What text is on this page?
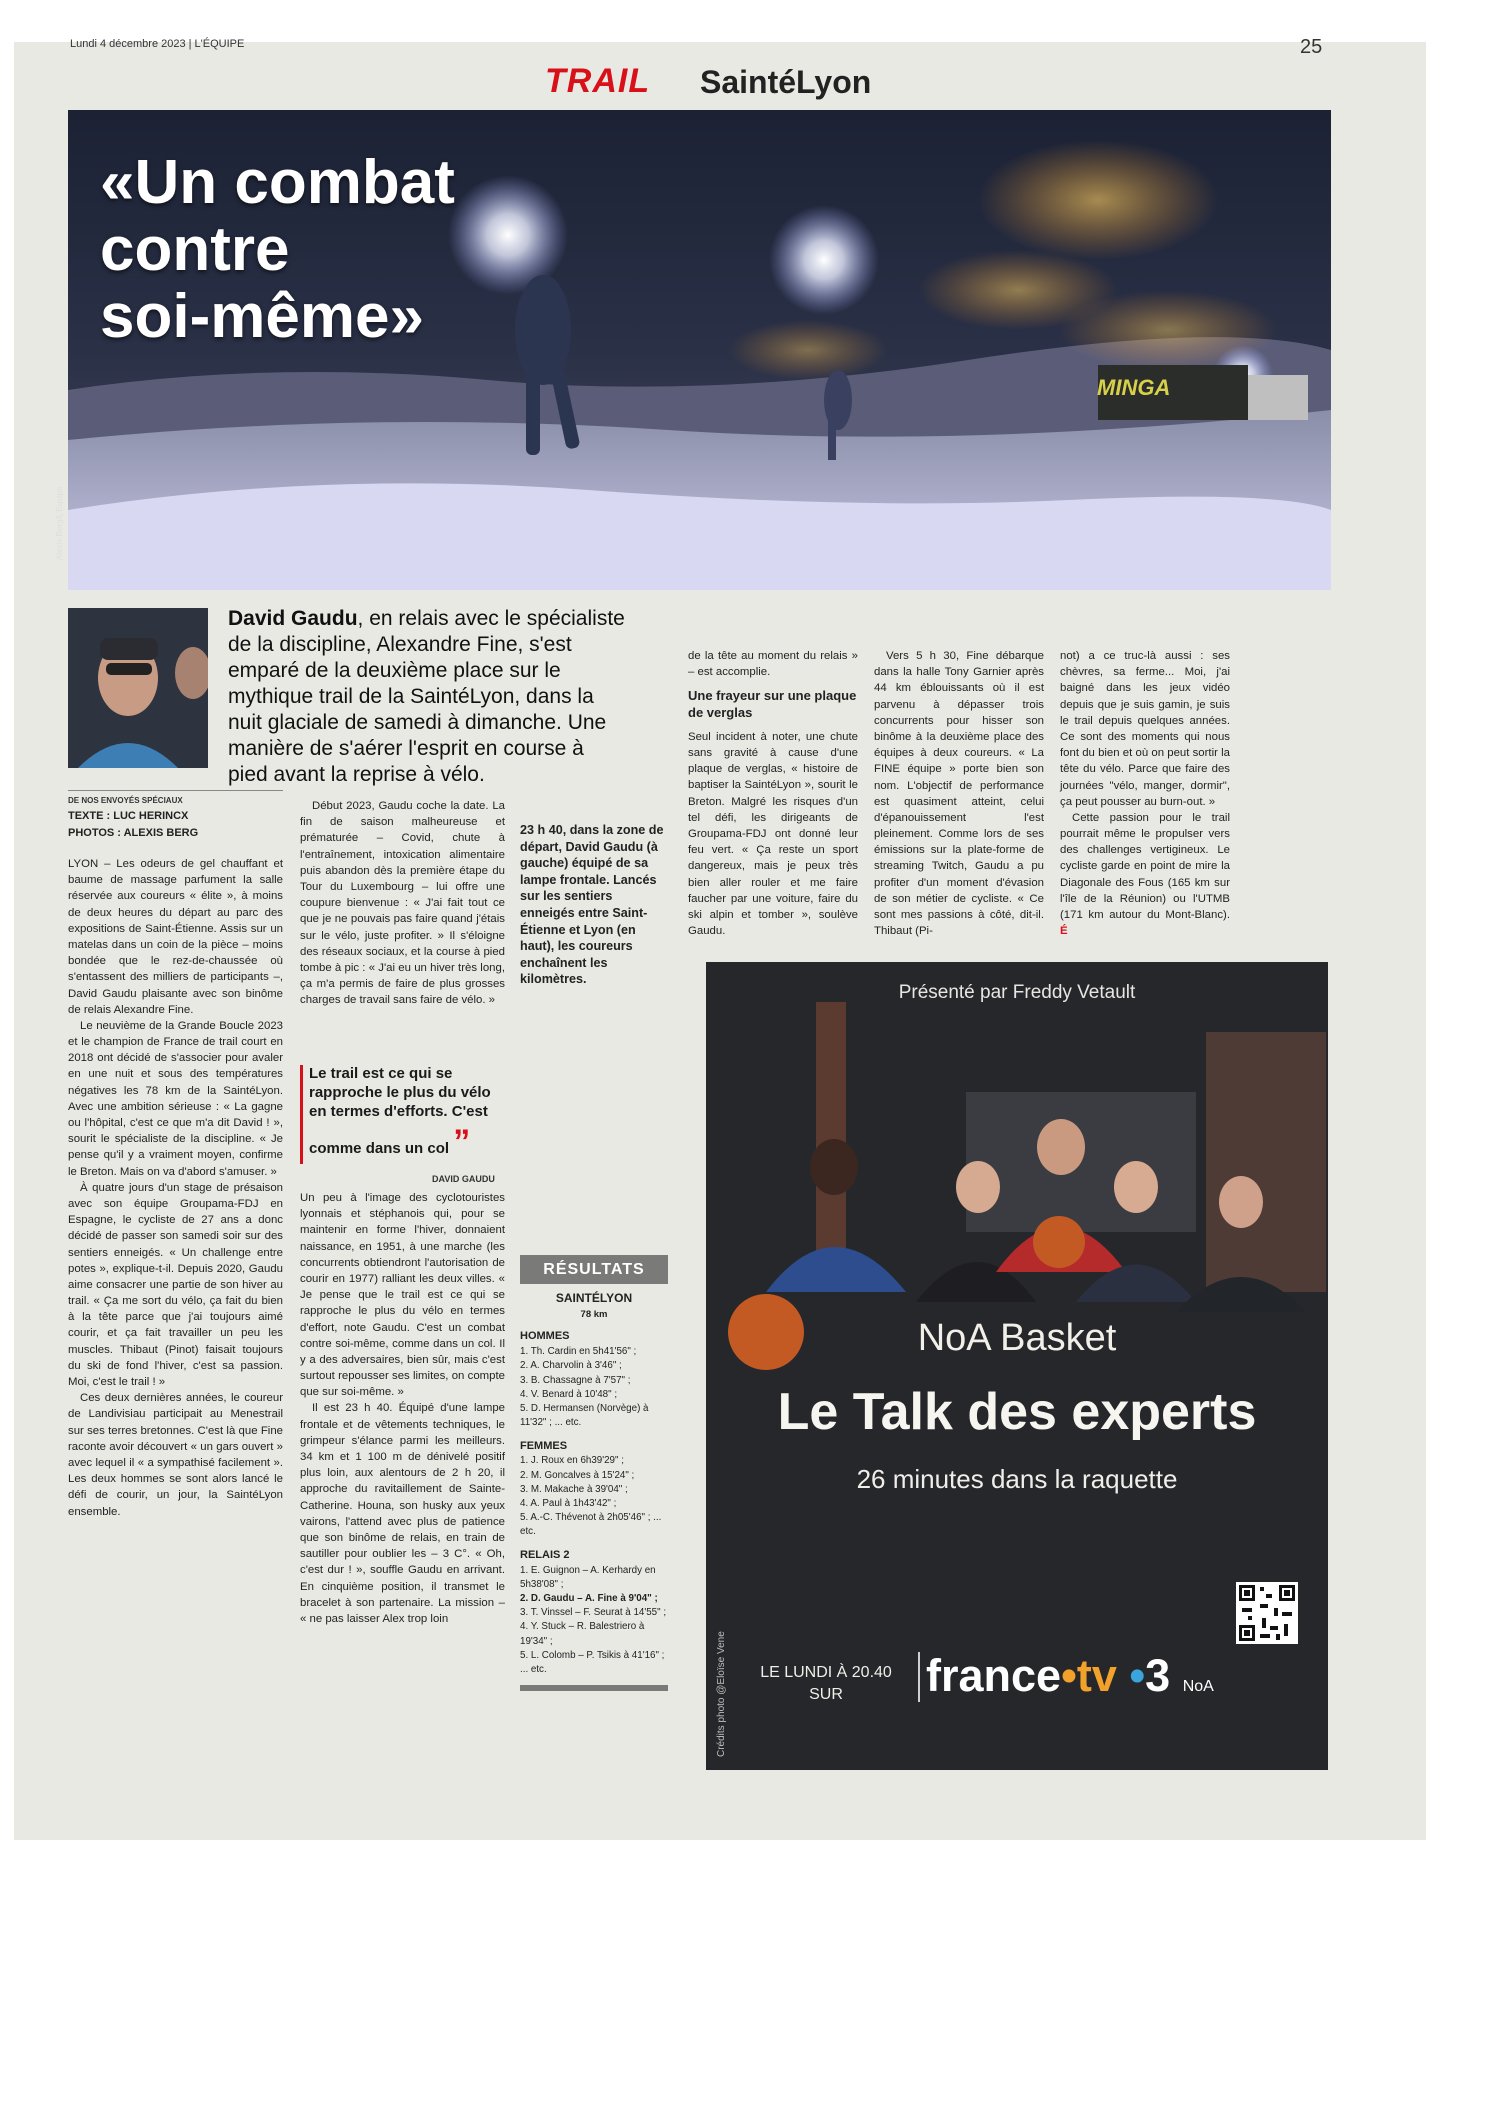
Lundi 4 décembre 2023 | L'ÉQUIPE	25
TRAIL SaintéLyon
«Un combat
contre
soi-même»
MINGA
Alexis Berg/L'Équipe
David Gaudu, en relais avec le spécialiste de la discipline, Alexandre Fine, s'est emparé de la deuxième place sur le mythique trail de la SaintéLyon, dans la nuit glaciale de samedi à dimanche. Une manière de s'aérer l'esprit en course à pied avant la reprise à vélo.
DE NOS ENVOYÉS SPÉCIAUX
TEXTE : LUC HERINCX
PHOTOS : ALEXIS BERG

LYON – Les odeurs de gel chauffant et baume de massage parfument la salle réservée aux coureurs « élite », à moins de deux heures du départ au parc des expositions de Saint-Étienne. Assis sur un matelas dans un coin de la pièce – moins bondée que le rez-de-chaussée où s'entassent des milliers de participants –, David Gaudu plaisante avec son binôme de relais Alexandre Fine.

Le neuvième de la Grande Boucle 2023 et le champion de France de trail court en 2018 ont décidé de s'associer pour avaler en une nuit et sous des températures négatives les 78 km de la SaintéLyon. Avec une ambition sérieuse : « La gagne ou l'hôpital, c'est ce que m'a dit David ! », sourit le spécialiste de la discipline. « Je pense qu'il y a vraiment moyen, confirme le Breton. Mais on va d'abord s'amuser. »

À quatre jours d'un stage de présaison avec son équipe Groupama-FDJ en Espagne, le cycliste de 27 ans a donc décidé de passer son samedi soir sur des sentiers enneigés. « Un challenge entre potes », explique-t-il. Depuis 2020, Gaudu aime consacrer une partie de son hiver au trail. « Ça me sort du vélo, ça fait du bien à la tête parce que j'ai toujours aimé courir, et ça fait travailler un peu les muscles. Thibaut (Pinot) faisait toujours du ski de fond l'hiver, c'est sa passion. Moi, c'est le trail ! »

Ces deux dernières années, le coureur de Landivisiau participait au Menestrail sur ses terres bretonnes. C'est là que Fine raconte avoir découvert « un gars ouvert » avec lequel il « a sympathisé facilement ». Les deux hommes se sont alors lancé le défi de courir, un jour, la SaintéLyon ensemble.

Début 2023, Gaudu coche la date. La fin de saison malheureuse et prématurée – Covid, chute à l'entraînement, intoxication alimentaire puis abandon dès la première étape du Tour du Luxembourg – lui offre une coupure bienvenue : « J'ai fait tout ce que je ne pouvais pas faire quand j'étais sur le vélo, juste profiter. » Il s'éloigne des réseaux sociaux, et la course à pied tombe à pic : « J'ai eu un hiver très long, ça m'a permis de faire de plus grosses charges de travail sans faire de vélo. »

Le trail est ce qui se rapproche le plus du vélo en termes d'efforts. C'est comme dans un col ”
DAVID GAUDU

Un peu à l'image des cyclotouristes lyonnais et stéphanois qui, pour se maintenir en forme l'hiver, donnaient naissance, en 1951, à une marche (les concurrents obtiendront l'autorisation de courir en 1977) ralliant les deux villes. « Je pense que le trail est ce qui se rapproche le plus du vélo en termes d'effort, note Gaudu. C'est un combat contre soi-même, comme dans un col. Il y a des adversaires, bien sûr, mais c'est surtout repousser ses limites, on compte que sur soi-même. »

Il est 23 h 40. Équipé d'une lampe frontale et de vêtements techniques, le grimpeur s'élance parmi les meilleurs. 34 km et 1 100 m de dénivelé positif plus loin, aux alentours de 2 h 20, il approche du ravitaillement de Sainte-Catherine. Houna, son husky aux yeux vairons, l'attend avec plus de patience que son binôme de relais, en train de sautiller pour oublier les – 3 C°. « Oh, c'est dur ! », souffle Gaudu en arrivant. En cinquième position, il transmet le bracelet à son partenaire. La mission – « ne pas laisser Alex trop loin

23 h 40, dans la zone de départ, David Gaudu (à gauche) équipé de sa lampe frontale. Lancés sur les sentiers enneigés entre Saint-Étienne et Lyon (en haut), les coureurs enchaînent les kilomètres.
RÉSULTATS
SAINTÉLYON
78 km
HOMMES
1. Th. Cardin en 5h41'56" ;
2. A. Charvolin à 3'46" ;
3. B. Chassagne à 7'57" ;
4. V. Benard à 10'48" ;
5. D. Hermansen (Norvège) à 11'32" ; ... etc.
FEMMES
1. J. Roux en 6h39'29" ;
2. M. Goncalves à 15'24" ;
3. M. Makache à 39'04" ;
4. A. Paul à 1h43'42" ;
5. A.-C. Thévenot à 2h05'46" ; ... etc.
RELAIS 2
1. E. Guignon – A. Kerhardy en 5h38'08" ;
2. D. Gaudu – A. Fine à 9'04" ;
3. T. Vinssel – F. Seurat à 14'55" ;
4. Y. Stuck – R. Balestriero à 19'34" ;
5. L. Colomb – P. Tsikis à 41'16" ; ... etc.

de la tête au moment du relais » – est accomplie.

Une frayeur sur une plaque de verglas

Seul incident à noter, une chute sans gravité à cause d'une plaque de verglas, « histoire de baptiser la SaintéLyon », sourit le Breton. Malgré les risques d'un tel défi, les dirigeants de Groupama-FDJ ont donné leur feu vert. « Ça reste un sport dangereux, mais je peux très bien aller rouler et me faire faucher par une voiture, faire du ski alpin et tomber », soulève Gaudu.

Vers 5 h 30, Fine débarque dans la halle Tony Garnier après 44 km éblouissants où il est parvenu à dépasser trois concurrents pour hisser son binôme à la deuxième place des équipes à deux coureurs. « La FINE équipe » porte bien son nom. L'objectif de performance est quasiment atteint, celui d'épanouissement l'est pleinement. Comme lors de ses émissions sur la plate-forme de streaming Twitch, Gaudu a pu profiter d'un moment d'évasion de son métier de cycliste. « Ce sont mes passions à côté, dit-il. Thibaut (Pi-

not) a ce truc-là aussi : ses chèvres, sa ferme... Moi, j'ai baigné dans les jeux vidéo depuis que je suis gamin, je suis le trail depuis quelques années. Ce sont des moments qui nous font du bien et où on peut sortir la tête du vélo. Parce que faire des journées "vélo, manger, dormir", ça peut pousser au burn-out. »

Cette passion pour le trail pourrait même le propulser vers des challenges vertigineux. Le cycliste garde en point de mire la Diagonale des Fous (165 km sur l'île de la Réunion) ou l'UTMB (171 km autour du Mont-Blanc). É

Présenté par Freddy Vetault
NoA Basket
Le Talk des experts
26 minutes dans la raquette
LE LUNDI À 20.40
SUR	france•tv •3 NoA
Crédits photo @Eloïse Vene
